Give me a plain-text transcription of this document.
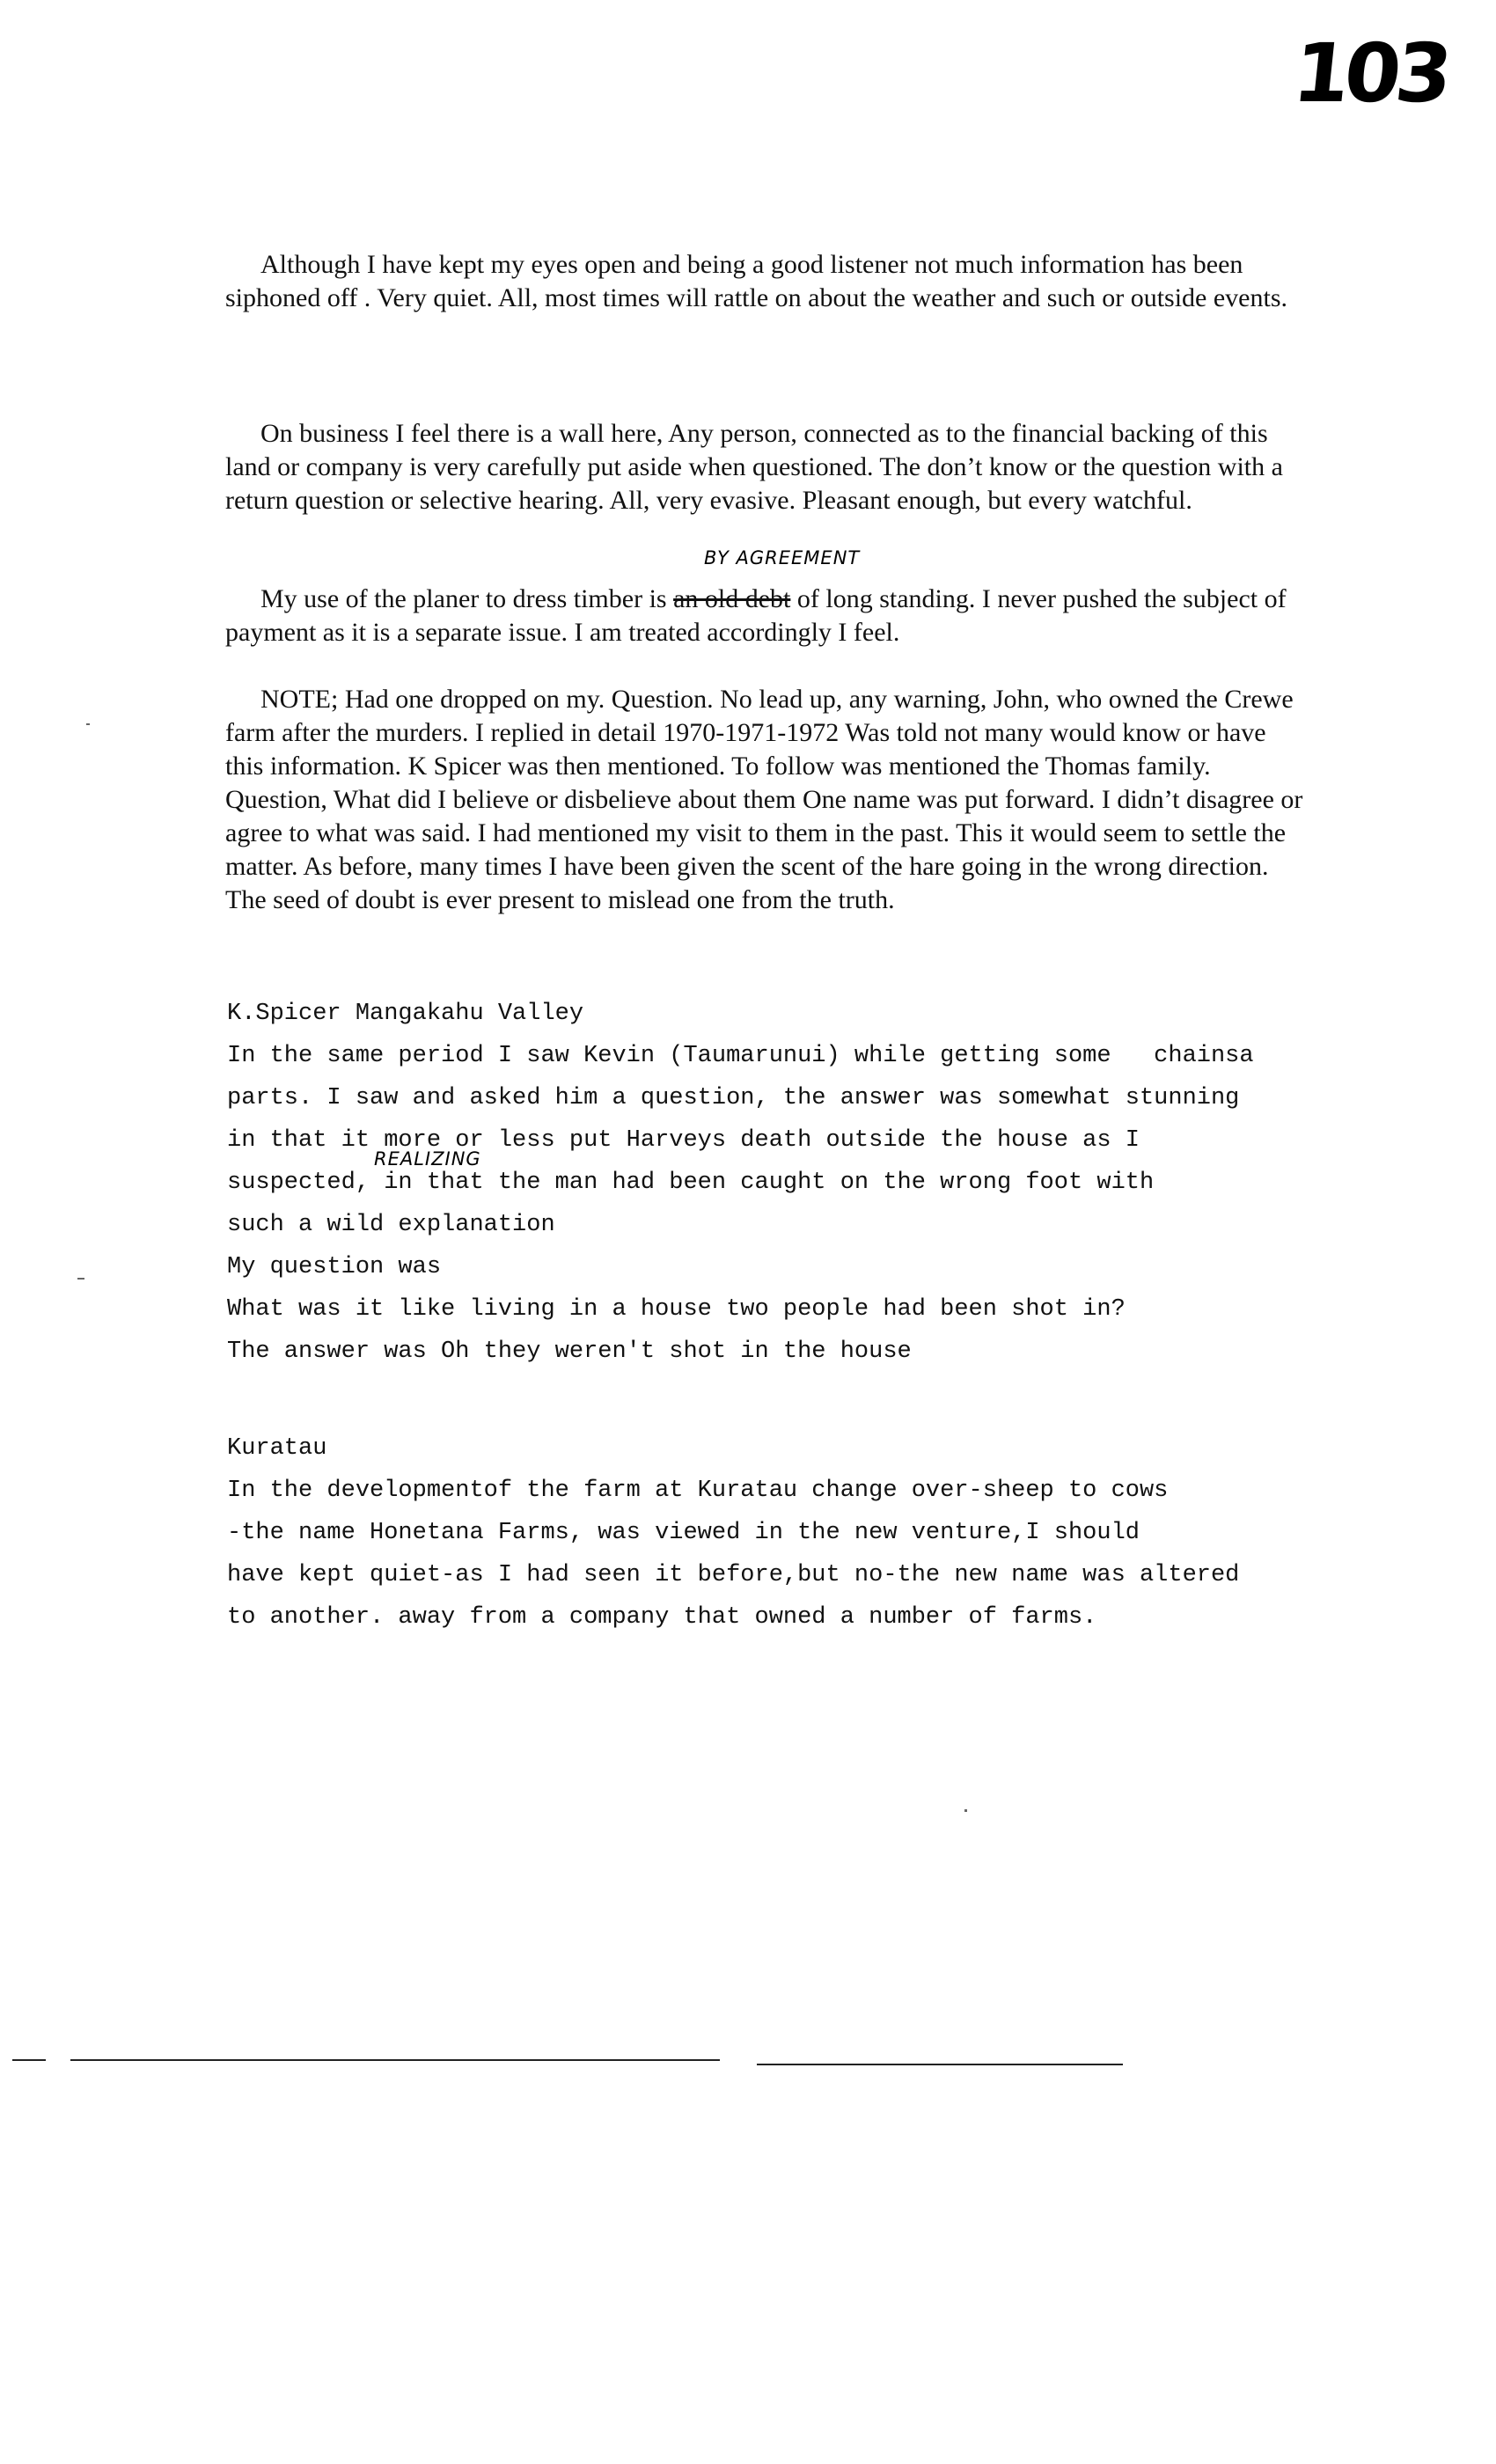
103
Although I have kept my eyes open and being a good listener not much information has been siphoned off . Very quiet. All, most times will rattle on about the weather and such or outside events.
On business I feel there is a wall here, Any person, connected as to the financial backing of this land or company is very carefully put aside when questioned. The don’t know or the question with a return question or selective hearing. All, very evasive. Pleasant enough, but every watchful.
BY AGREEMENT
My use of the planer to dress timber is an old debt of long standing. I never pushed the subject of payment as it is a separate issue. I am treated accordingly I feel.
NOTE; Had one dropped on my. Question. No lead up, any warning, John, who owned the Crewe farm after the murders. I replied in detail 1970-1971-1972 Was told not many would know or have this information. K Spicer was then mentioned. To follow was mentioned the Thomas family. Question, What did I believe or disbelieve about them One name was put forward. I didn’t disagree or agree to what was said. I had mentioned my visit to them in the past. This it would seem to settle the matter. As before, many times I have been given the scent of the hare going in the wrong direction. The seed of doubt is ever present to mislead one from the truth.
K.Spicer Mangakahu Valley
In the same period I saw Kevin (Taumarunui) while getting some   chainsa
parts. I saw and asked him a question, the answer was somewhat stunning
in that it more or less put Harveys death outside the house as I
suspected, in that the man had been caught on the wrong foot with
such a wild explanation
My question was
What was it like living in a house two people had been shot in?
The answer was Oh they weren't shot in the house
REALIZING
Kuratau
In the developmentof the farm at Kuratau change over-sheep to cows
-the name Honetana Farms, was viewed in the new venture,I should
have kept quiet-as I had seen it before,but no-the new name was altered
to another. away from a company that owned a number of farms.
